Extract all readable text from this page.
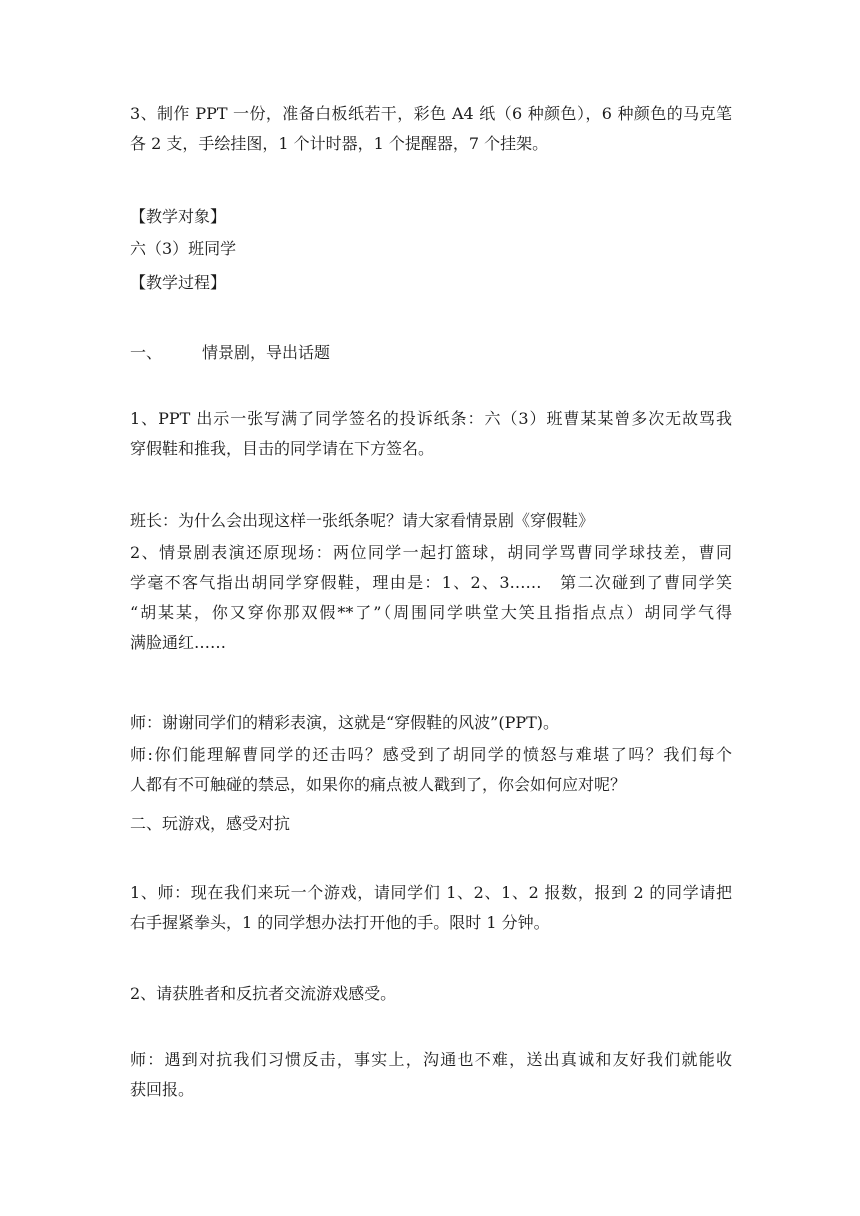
3、制作 PPT 一份，准备白板纸若干，彩色 A4 纸（6 种颜色），6 种颜色的马克笔
各 2 支，手绘挂图，1 个计时器，1 个提醒器，7 个挂架。
【教学对象】
六（3）班同学
【教学过程】
一、	情景剧，导出话题
1、PPT 出示一张写满了同学签名的投诉纸条：六（3）班曹某某曾多次无故骂我
穿假鞋和推我，目击的同学请在下方签名。
班长：为什么会出现这样一张纸条呢？请大家看情景剧《穿假鞋》
2、情景剧表演还原现场：两位同学一起打篮球，胡同学骂曹同学球技差，曹同
学毫不客气指出胡同学穿假鞋，理由是：1、2、3……　第二次碰到了曹同学笑
“胡某某，你又穿你那双假**了”（周围同学哄堂大笑且指指点点）胡同学气得
满脸通红……
师：谢谢同学们的精彩表演，这就是“穿假鞋的风波”(PPT)。
师:你们能理解曹同学的还击吗？感受到了胡同学的愤怒与难堪了吗？我们每个
人都有不可触碰的禁忌，如果你的痛点被人戳到了，你会如何应对呢？
二、玩游戏，感受对抗
1、师：现在我们来玩一个游戏，请同学们 1、2、1、2 报数，报到 2 的同学请把
右手握紧拳头，1 的同学想办法打开他的手。限时 1 分钟。
2、请获胜者和反抗者交流游戏感受。
师：遇到对抗我们习惯反击，事实上，沟通也不难，送出真诚和友好我们就能收
获回报。
